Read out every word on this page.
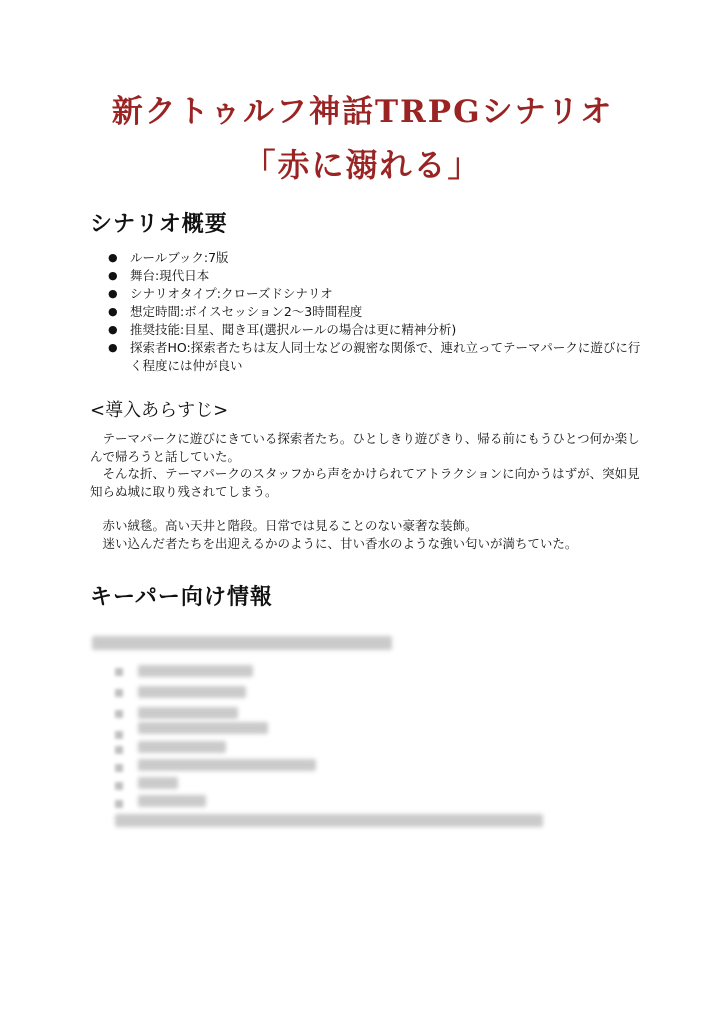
新クトゥルフ神話TRPGシナリオ
「赤に溺れる」
シナリオ概要
● ルールブック:7版
● 舞台:現代日本
● シナリオタイプ:クローズドシナリオ
● 想定時間:ボイスセッション2〜3時間程度
● 推奨技能:目星、聞き耳(選択ルールの場合は更に精神分析)
● 探索者HO:探索者たちは友人同士などの親密な関係で、連れ立ってテーマパークに遊びに行く程度には仲が良い
<導入あらすじ>

　テーマパークに遊びにきている探索者たち。ひとしきり遊びきり、帰る前にもうひとつ何か楽しんで帰ろうと話していた。

　そんな折、テーマパークのスタッフから声をかけられてアトラクションに向かうはずが、突如見知らぬ城に取り残されてしまう。

　赤い絨毯。高い天井と階段。日常では見ることのない豪奢な装飾。

　迷い込んだ者たちを出迎えるかのように、甘い香水のような強い匂いが満ちていた。

キーパー向け情報
